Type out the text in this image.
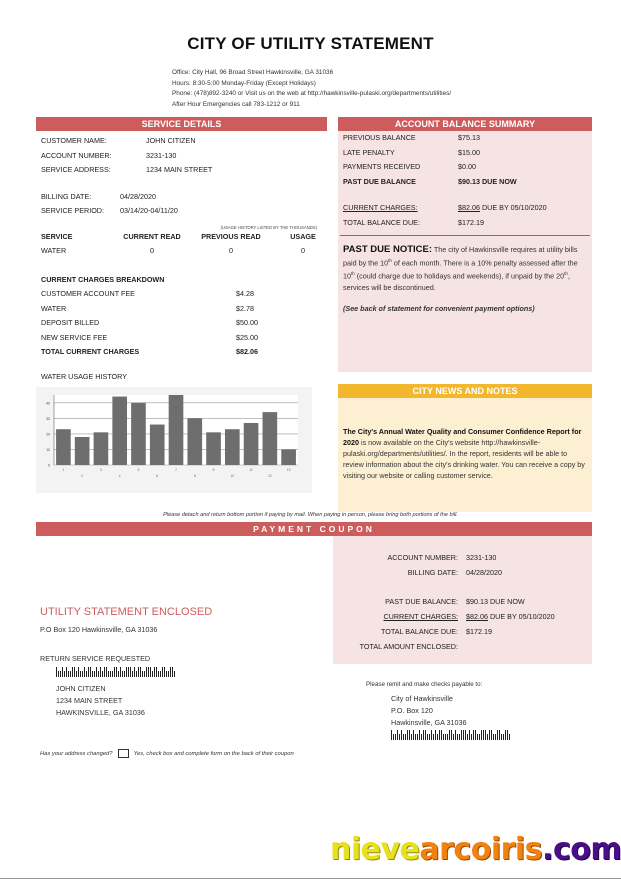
CITY OF UTILITY STATEMENT
Office: City Hall, 96 Broad Street Hawkinsville, GA 31036
Hours: 8:30-5:00 Monday-Friday (Except Holidays)
Phone: (478)892-3240 or Visit us on the web at http://hawkinsville-pulaski.org/departments/utilities/
After Hour Emergencies call 783-1212 or 911
SERVICE DETAILS
CUSTOMER NAME:	JOHN CITIZEN
ACCOUNT NUMBER:	3231-130
SERVICE ADDRESS:	1234 MAIN STREET
BILLING DATE:	04/28/2020
SERVICE PERIOD:	03/14/20-04/11/20
(USAGE HISTORY LISTED BY THE THOUSANDS)
SERVICE	CURRENT READ	PREVIOUS READ	USAGE
WATER	0	0	0
CURRENT CHARGES BREAKDOWN
CUSTOMER ACCOUNT FEE	$4.28
WATER	$2.78
DEPOSIT BILLED	$50.00
NEW SERVICE FEE	$25.00
TOTAL CURRENT CHARGES	$82.06
WATER USAGE HISTORY
0
10
20
30
40
1
2
3
4
5
6
7
8
9
10
11
12
13
ACCOUNT BALANCE SUMMARY
PREVIOUS BALANCE	$75.13
LATE PENALTY	$15.00
PAYMENTS RECEIVED	$0.00
PAST DUE BALANCE	$90.13 DUE NOW
CURRENT CHARGES:	$82.06 DUE BY 05/10/2020
TOTAL BALANCE DUE:	$172.19
PAST DUE NOTICE: The city of Hawkinsville requires at utility bills paid by the 10th of each month. There is a 10% penalty assessed after the 10th (could charge due to holidays and weekends), if unpaid by the 20th, services will be discontinued.
(See back of statement for convenient payment options)
CITY NEWS AND NOTES
The City's Annual Water Quality and Consumer Confidence Report for 2020 is now available on the City's website http://hawkinsville-pulaski.org/departments/utilities/. In the report, residents will be able to review information about the city's drinking water. You can receive a copy by visiting our website or calling customer service.
Please detach and return bottom portion if paying by mail. When paying in person, please bring both portions of the bill.
PAYMENT COUPON
ACCOUNT NUMBER:	3231-130
BILLING DATE:	04/28/2020
PAST DUE BALANCE:	$90.13 DUE NOW
CURRENT CHARGES:	$82.06 DUE BY 05/10/2020
TOTAL BALANCE DUE:	$172.19
TOTAL AMOUNT ENCLOSED:
UTILITY STATEMENT ENCLOSED
P.O Box 120 Hawkinsville, GA 31036
RETURN SERVICE REQUESTED
JOHN CITIZEN
1234 MAIN STREET
HAWKINSVILLE, GA 31036
Please remit and make checks payable to:
City of Hawkinsville
P.O. Box 120
Hawkinsville, GA 31036
Has your address changed?	Yes, check box and complete form on the back of their coupon
nievearcoiris.com
